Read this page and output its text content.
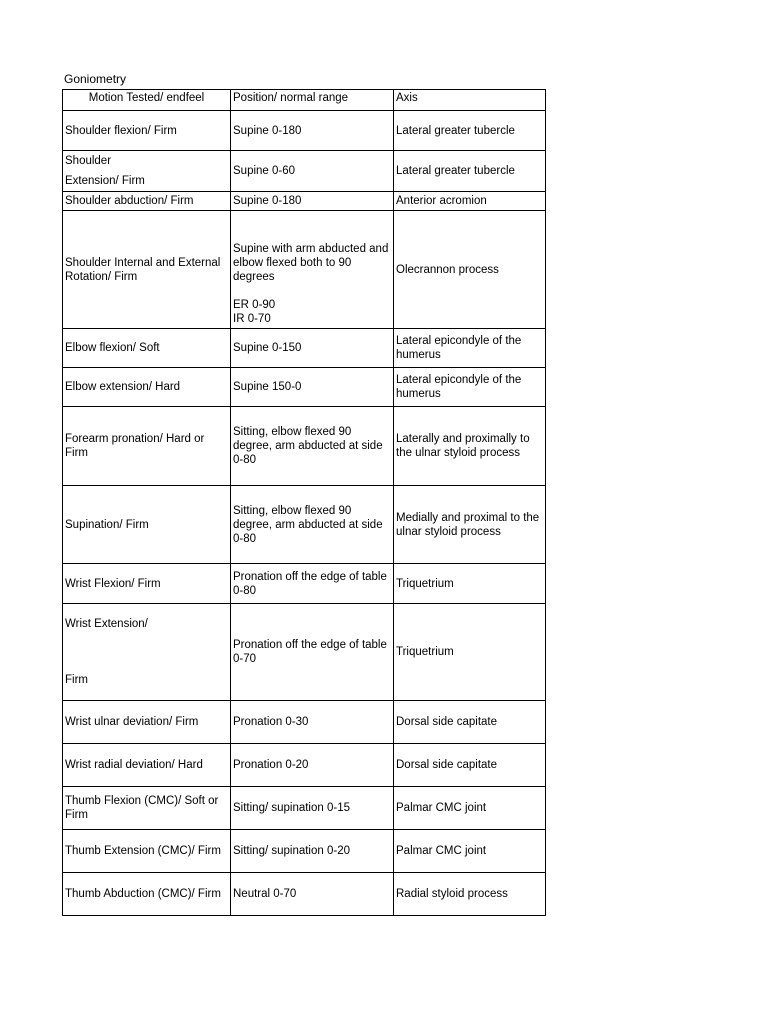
Goniometry
Motion Tested/ endfeel	Position/ normal range	Axis
Shoulder flexion/ Firm	Supine 0-180	Lateral greater tubercle
Shoulder
Extension/ Firm	Supine 0-60	Lateral greater tubercle
Shoulder abduction/ Firm	Supine 0-180	Anterior acromion
Shoulder Internal and External Rotation/ Firm	Supine with arm abducted and elbow flexed both to 90 degrees

ER 0-90
IR 0-70	Olecrannon process
Elbow flexion/ Soft	Supine 0-150	Lateral epicondyle of the humerus
Elbow extension/ Hard	Supine 150-0	Lateral epicondyle of the humerus
Forearm pronation/ Hard or Firm	Sitting, elbow flexed 90 degree, arm abducted at side 0-80	Laterally and proximally to the ulnar styloid process
Supination/ Firm	Sitting, elbow flexed 90 degree, arm abducted at side 0-80	Medially and proximal to the ulnar styloid process
Wrist Flexion/ Firm	Pronation off the edge of table 0-80	Triquetrium
Wrist Extension/

Firm	Pronation off the edge of table 0-70	Triquetrium
Wrist ulnar deviation/ Firm	Pronation 0-30	Dorsal side capitate
Wrist radial deviation/ Hard	Pronation 0-20	Dorsal side capitate
Thumb Flexion (CMC)/ Soft or Firm	Sitting/ supination 0-15	Palmar CMC joint
Thumb Extension (CMC)/ Firm	Sitting/ supination 0-20	Palmar CMC joint
Thumb Abduction (CMC)/ Firm	Neutral 0-70	Radial styloid process
